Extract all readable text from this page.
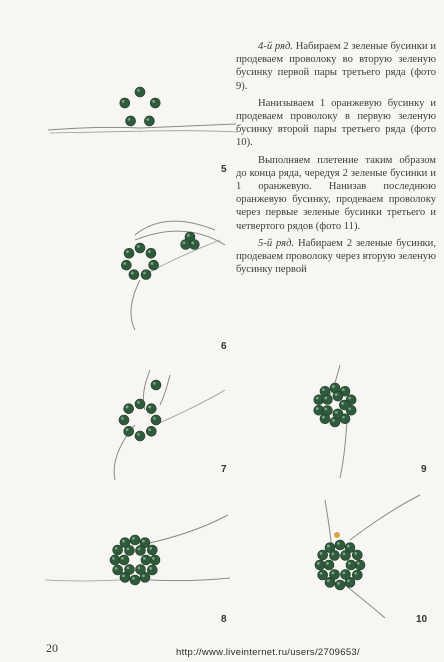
4-й ряд. Набираем 2 зеленые бусинки и продеваем проволоку во вторую зеленую бусинку первой пары третьего ряда (фото 9).

Нанизываем 1 оранжевую бусинку и продеваем проволоку в первую зеленую бусинку второй пары третьего ряда (фото 10).

Выполняем плетение таким образом до конца ряда, чередуя 2 зеленые бусинки и 1 оранжевую. Нанизав последнюю оранжевую бусинку, продеваем проволоку через первые зеленые бусинки третьего и четвертого рядов (фото 11).

5-й ряд. Набираем 2 зеленые бусинки, продеваем проволоку через вторую зеленую бусинку первой

5
6
7	9
8	10
20	http://www.liveinternet.ru/users/2709653/
